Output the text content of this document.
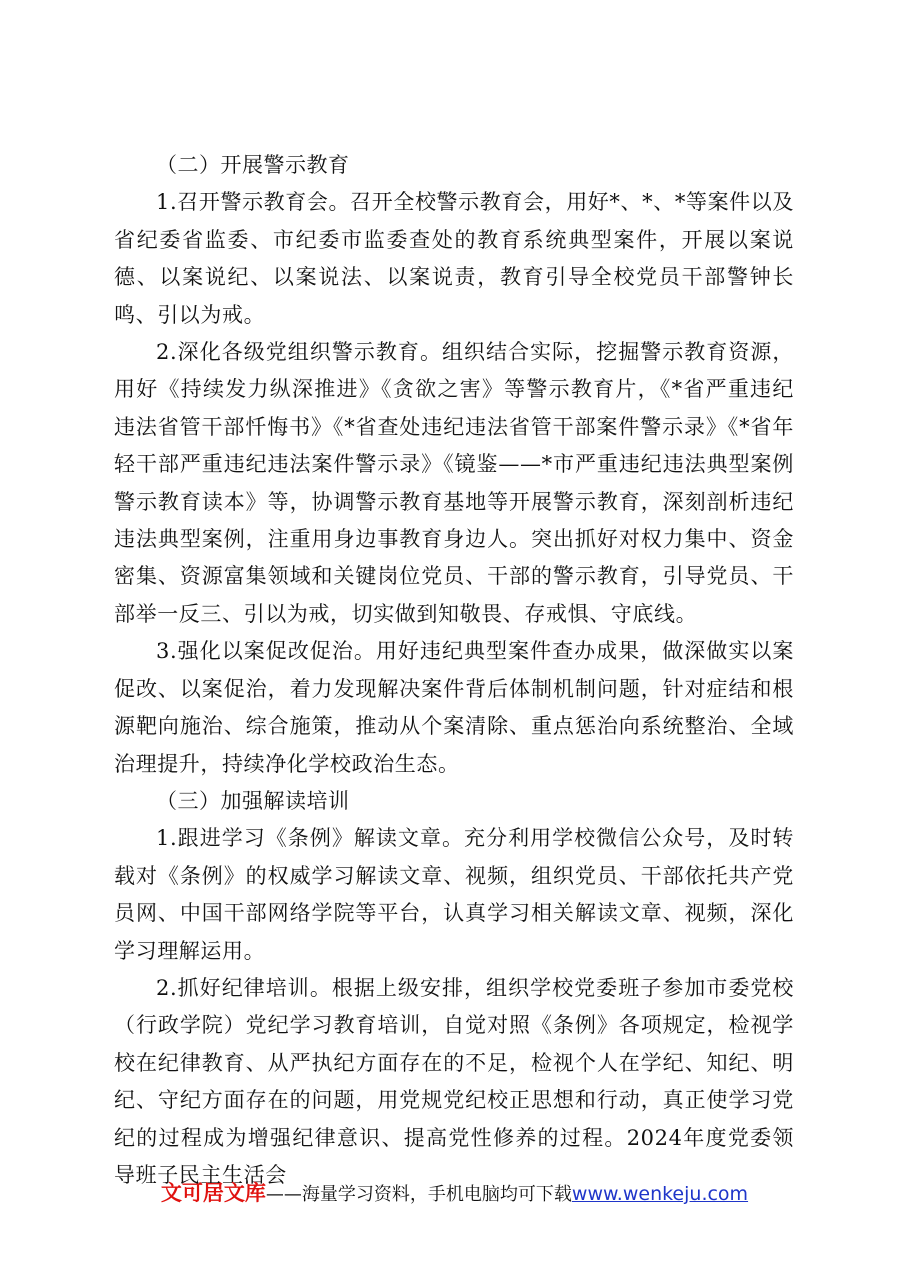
（二）开展警示教育

1.召开警示教育会。召开全校警示教育会，用好*、*、*等案件以及省纪委省监委、市纪委市监委查处的教育系统典型案件，开展以案说德、以案说纪、以案说法、以案说责，教育引导全校党员干部警钟长鸣、引以为戒。

2.深化各级党组织警示教育。组织结合实际，挖掘警示教育资源，用好《持续发力纵深推进》《贪欲之害》等警示教育片，《*省严重违纪违法省管干部忏悔书》《*省查处违纪违法省管干部案件警示录》《*省年轻干部严重违纪违法案件警示录》《镜鉴——*市严重违纪违法典型案例警示教育读本》等，协调警示教育基地等开展警示教育，深刻剖析违纪违法典型案例，注重用身边事教育身边人。突出抓好对权力集中、资金密集、资源富集领域和关键岗位党员、干部的警示教育，引导党员、干部举一反三、引以为戒，切实做到知敬畏、存戒惧、守底线。

3.强化以案促改促治。用好违纪典型案件查办成果，做深做实以案促改、以案促治，着力发现解决案件背后体制机制问题，针对症结和根源靶向施治、综合施策，推动从个案清除、重点惩治向系统整治、全域治理提升，持续净化学校政治生态。

（三）加强解读培训

1.跟进学习《条例》解读文章。充分利用学校微信公众号，及时转载对《条例》的权威学习解读文章、视频，组织党员、干部依托共产党员网、中国干部网络学院等平台，认真学习相关解读文章、视频，深化学习理解运用。

2.抓好纪律培训。根据上级安排，组织学校党委班子参加市委党校（行政学院）党纪学习教育培训，自觉对照《条例》各项规定，检视学校在纪律教育、从严执纪方面存在的不足，检视个人在学纪、知纪、明纪、守纪方面存在的问题，用党规党纪校正思想和行动，真正使学习党纪的过程成为增强纪律意识、提高党性修养的过程。2024年度党委领导班子民主生活会

文可居文库——海量学习资料，手机电脑均可下载www.wenkeju.com
